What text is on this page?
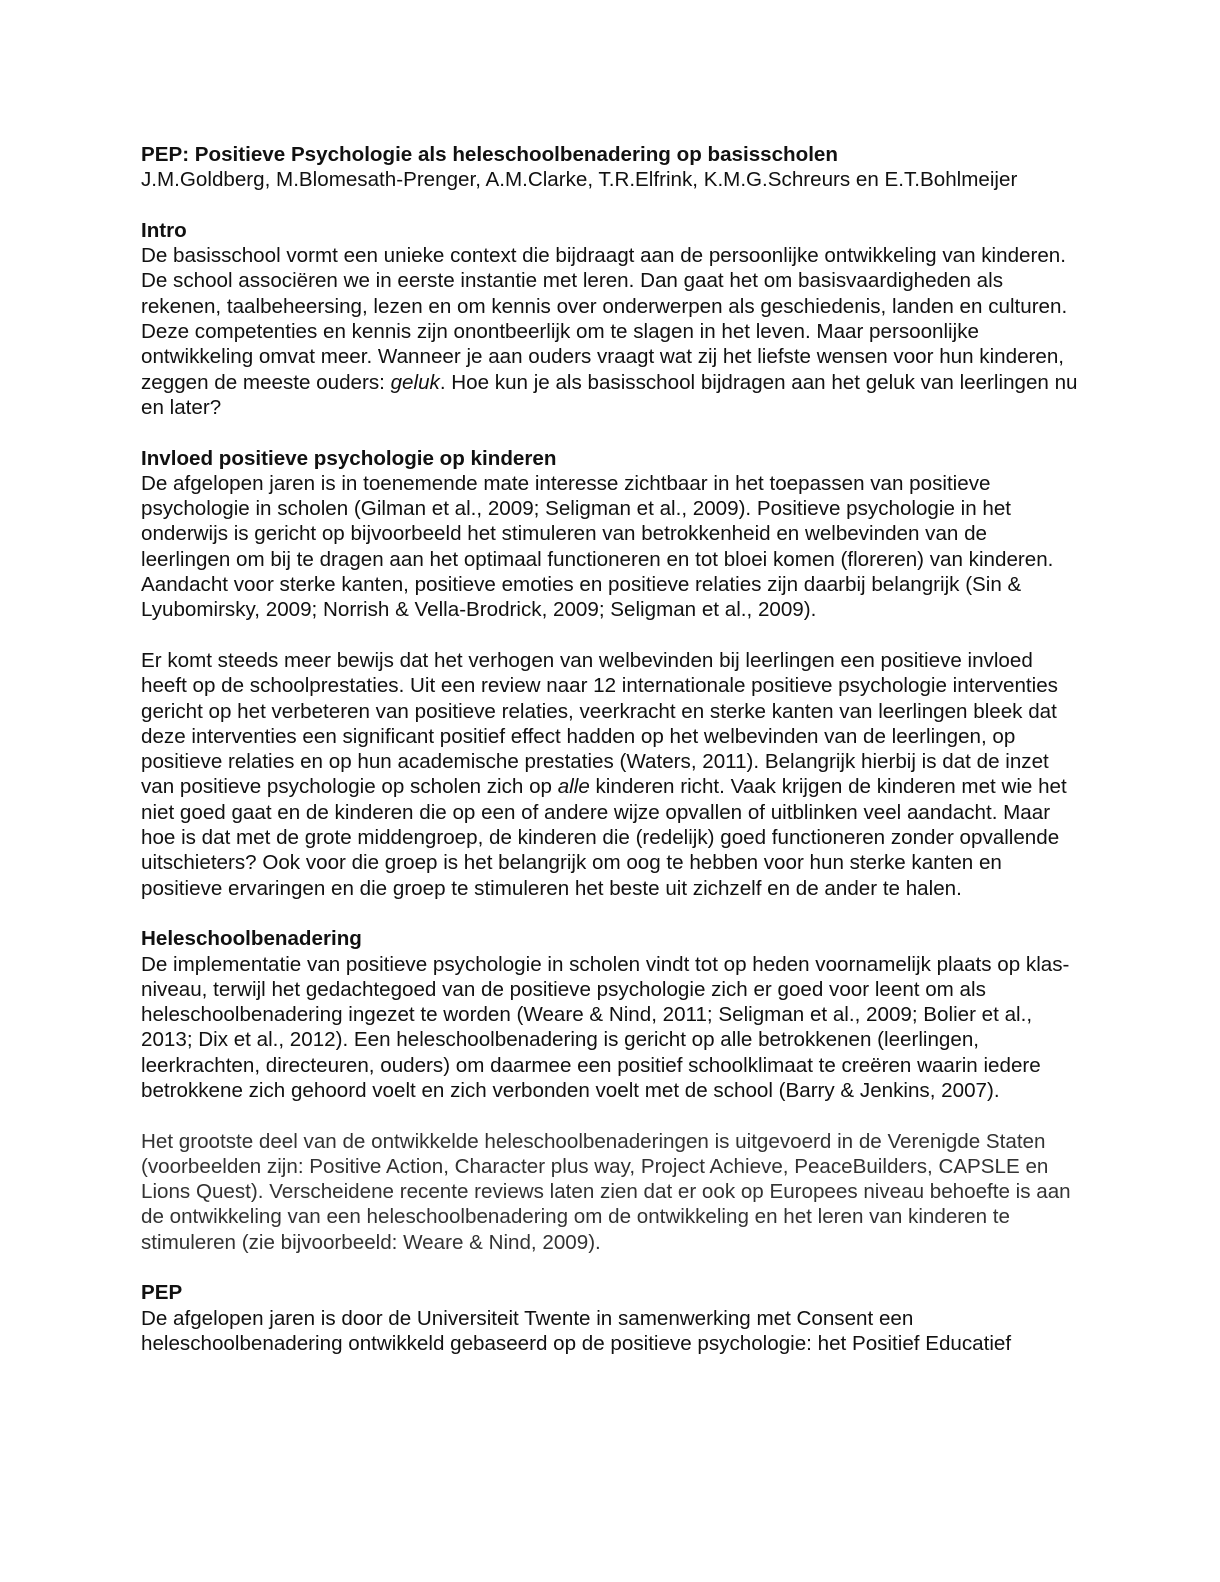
PEP: Positieve Psychologie als heleschoolbenadering op basisscholen

J.M.Goldberg, M.Blomesath-Prenger, A.M.Clarke, T.R.Elfrink, K.M.G.Schreurs en E.T.Bohlmeijer

Intro

De basisschool vormt een unieke context die bijdraagt aan de persoonlijke ontwikkeling van kinderen. De school associëren we in eerste instantie met leren. Dan gaat het om basisvaardigheden als rekenen, taalbeheersing, lezen en om kennis over onderwerpen als geschiedenis, landen en culturen. Deze competenties en kennis zijn onontbeerlijk om te slagen in het leven. Maar persoonlijke ontwikkeling omvat meer. Wanneer je aan ouders vraagt wat zij het liefste wensen voor hun kinderen, zeggen de meeste ouders: geluk. Hoe kun je als basisschool bijdragen aan het geluk van leerlingen nu en later?

Invloed positieve psychologie op kinderen

De afgelopen jaren is in toenemende mate interesse zichtbaar in het toepassen van positieve psychologie in scholen (Gilman et al., 2009; Seligman et al., 2009). Positieve psychologie in het onderwijs is gericht op bijvoorbeeld het stimuleren van betrokkenheid en welbevinden van de leerlingen om bij te dragen aan het optimaal functioneren en tot bloei komen (floreren) van kinderen. Aandacht voor sterke kanten, positieve emoties en positieve relaties zijn daarbij belangrijk (Sin & Lyubomirsky, 2009; Norrish & Vella-Brodrick, 2009; Seligman et al., 2009).

Er komt steeds meer bewijs dat het verhogen van welbevinden bij leerlingen een positieve invloed heeft op de schoolprestaties. Uit een review naar 12 internationale positieve psychologie interventies gericht op het verbeteren van positieve relaties, veerkracht en sterke kanten van leerlingen bleek dat deze interventies een significant positief effect hadden op het welbevinden van de leerlingen, op positieve relaties en op hun academische prestaties (Waters, 2011). Belangrijk hierbij is dat de inzet van positieve psychologie op scholen zich op alle kinderen richt. Vaak krijgen de kinderen met wie het niet goed gaat en de kinderen die op een of andere wijze opvallen of uitblinken veel aandacht. Maar hoe is dat met de grote middengroep, de kinderen die (redelijk) goed functioneren zonder opvallende uitschieters? Ook voor die groep is het belangrijk om oog te hebben voor hun sterke kanten en positieve ervaringen en die groep te stimuleren het beste uit zichzelf en de ander te halen.

Heleschoolbenadering

De implementatie van positieve psychologie in scholen vindt tot op heden voornamelijk plaats op klas-niveau, terwijl het gedachtegoed van de positieve psychologie zich er goed voor leent om als heleschoolbenadering ingezet te worden (Weare & Nind, 2011; Seligman et al., 2009; Bolier et al., 2013; Dix et al., 2012). Een heleschoolbenadering is gericht op alle betrokkenen (leerlingen, leerkrachten, directeuren, ouders) om daarmee een positief schoolklimaat te creëren waarin iedere betrokkene zich gehoord voelt en zich verbonden voelt met de school (Barry & Jenkins, 2007).

Het grootste deel van de ontwikkelde heleschoolbenaderingen is uitgevoerd in de Verenigde Staten (voorbeelden zijn: Positive Action, Character plus way, Project Achieve, PeaceBuilders, CAPSLE en Lions Quest). Verscheidene recente reviews laten zien dat er ook op Europees niveau behoefte is aan de ontwikkeling van een heleschoolbenadering om de ontwikkeling en het leren van kinderen te stimuleren (zie bijvoorbeeld: Weare & Nind, 2009).

PEP

De afgelopen jaren is door de Universiteit Twente in samenwerking met Consent een heleschoolbenadering ontwikkeld gebaseerd op de positieve psychologie: het Positief Educatief
